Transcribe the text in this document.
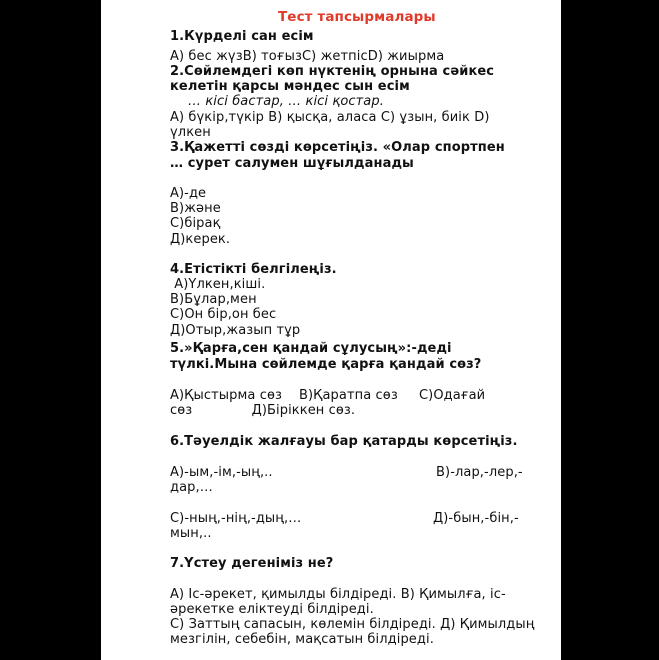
Тест тапсырмалары
1.Күрделі сан есім
А) бес жүзВ) тоғызС) жетпісD) жиырма
2.Сөйлемдегі көп нүктенің орнына сәйкес
келетін қарсы мәндес сын есім
… кісі бастар, … кісі қостар.
А) бүкір,түкір В) қысқа, аласа С) ұзын, биік D)
үлкен
3.Қажетті сөзді көрсетіңіз. «Олар спортпен
… сурет салумен шұғылданады
А)-де
В)және
С)бірақ
Д)керек.
4.Етістікті белгілеңіз.
А)Үлкен,кіші.
В)Бұлар,мен
С)Он бір,он бес
Д)Отыр,жазып тұр
5.»Қарға,сен қандай сұлусың»:-деді
түлкі.Мына сөйлемде қарға қандай сөз?
А)Қыстырма сөз    В)Қаратпа сөз     С)Одағай
сөз              Д)Біріккен сөз.
6.Тәуелдік жалғауы бар қатарды көрсетіңіз.
А)-ым,-ім,-ың,..	В)-лар,-лер,-
дар,…
С)-ның,-нің,-дың,…	Д)-бын,-бін,-
мын,..
7.Үстеу дегеніміз не?
А) Іс-әрекет, қимылды білдіреді. В) Қимылға, іс-
әрекетке еліктеуді білдіреді.
С) Заттың сапасын, көлемін білдіреді. Д) Қимылдың
мезгілін, себебін, мақсатын білдіреді.
